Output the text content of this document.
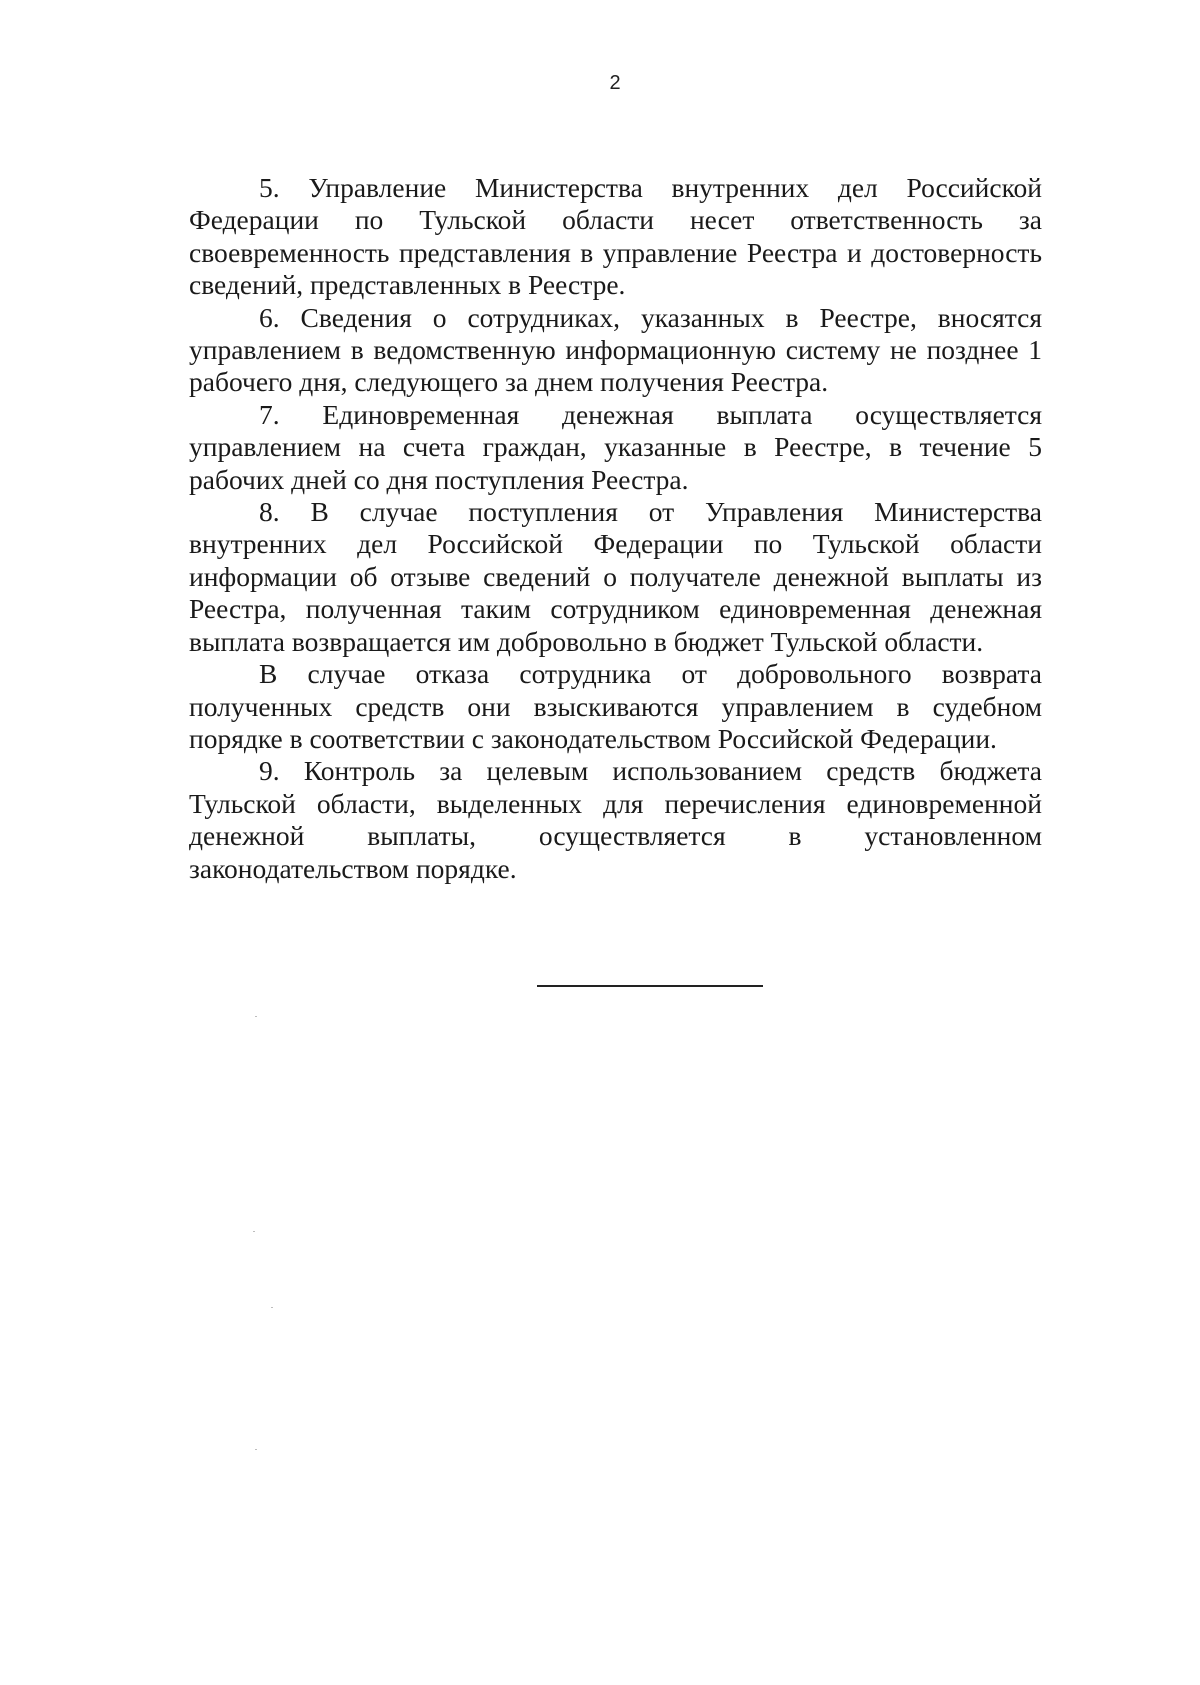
2

5. Управление Министерства внутренних дел Российской Федерации по Тульской области несет ответственность за своевременность представления в управление Реестра и достоверность сведений, представленных в Реестре.

6. Сведения о сотрудниках, указанных в Реестре, вносятся управлением в ведомственную информационную систему не позднее 1 рабочего дня, следующего за днем получения Реестра.

7. Единовременная денежная выплата осуществляется управлением на счета граждан, указанные в Реестре, в течение 5 рабочих дней со дня поступления Реестра.

8. В случае поступления от Управления Министерства внутренних дел Российской Федерации по Тульской области информации об отзыве сведений о получателе денежной выплаты из Реестра, полученная таким сотрудником единовременная денежная выплата возвращается им добровольно в бюджет Тульской области.

В случае отказа сотрудника от добровольного возврата полученных средств они взыскиваются управлением в судебном порядке в соответствии с законодательством Российской Федерации.

9. Контроль за целевым использованием средств бюджета Тульской области, выделенных для перечисления единовременной денежной выплаты, осуществляется в установленном законодательством порядке.
